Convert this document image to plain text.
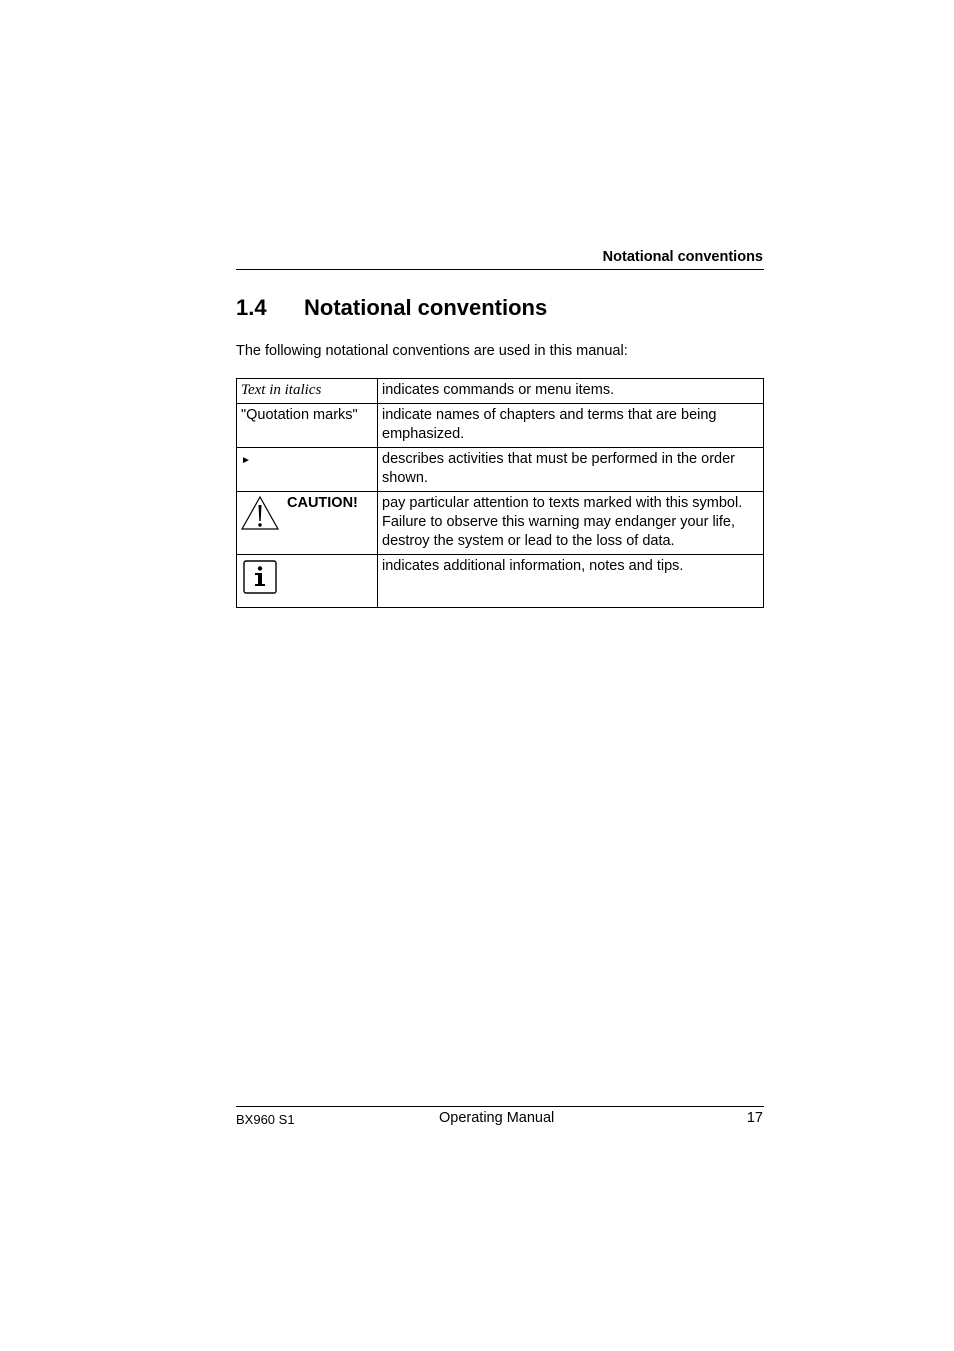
Notational conventions
1.4 Notational conventions
The following notational conventions are used in this manual:
Text in italics	indicates commands or menu items.
"Quotation marks"	indicate names of chapters and terms that are being emphasized.
►	describes activities that must be performed in the order shown.

CAUTION!	pay particular attention to texts marked with this symbol. Failure to observe this warning may endanger your life, destroy the system or lead to the loss of data.

	indicates additional information, notes and tips.
BX960 S1	Operating Manual	17
